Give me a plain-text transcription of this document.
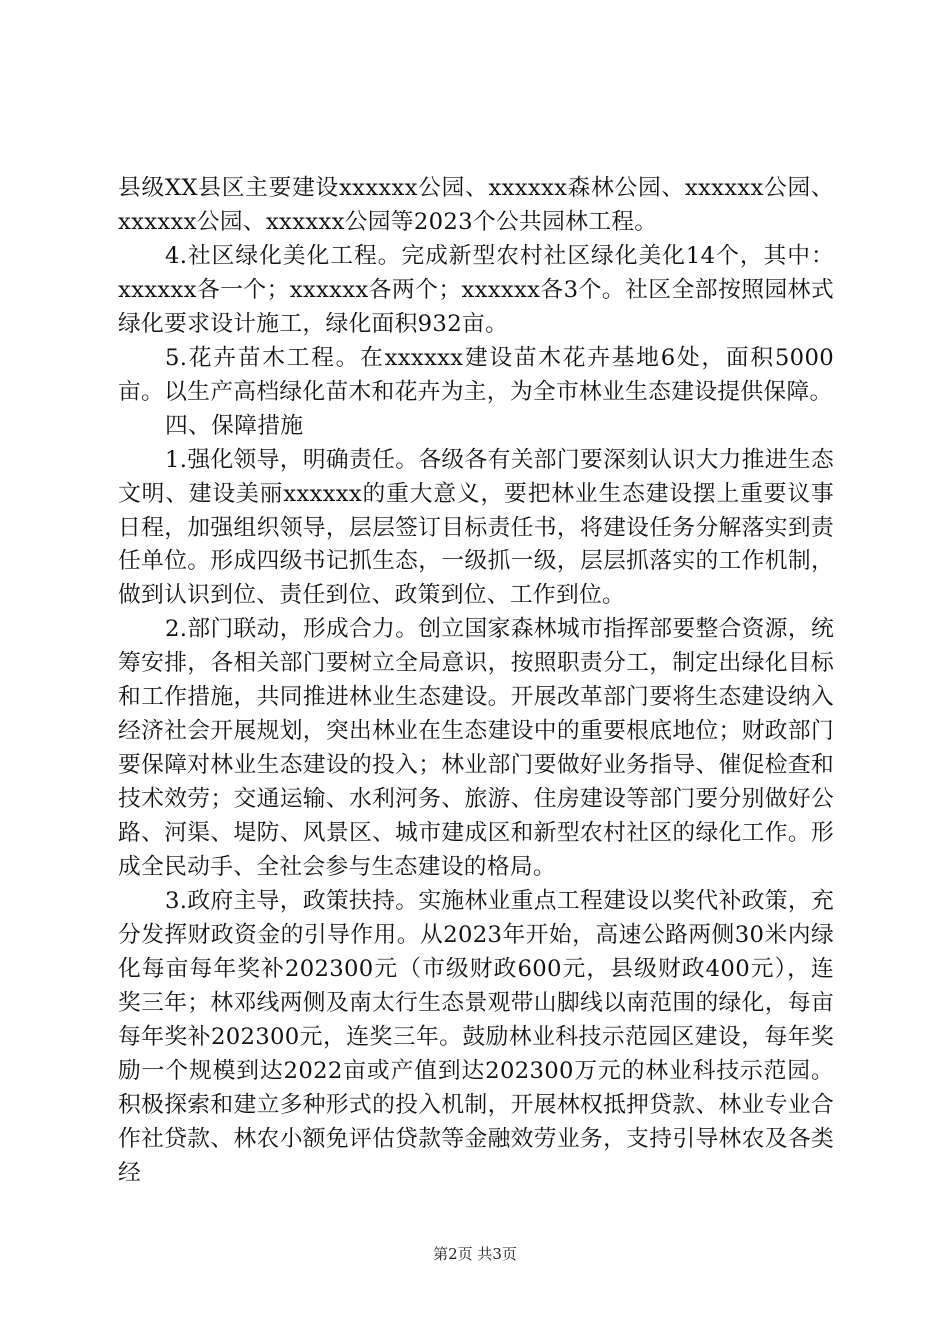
县级XX县区主要建设xxxxxx公园、xxxxxx森林公园、xxxxxx公园、xxxxxx公园、xxxxxx公园等2023个公共园林工程。

4.社区绿化美化工程。完成新型农村社区绿化美化14个，其中：xxxxxx各一个；xxxxxx各两个；xxxxxx各3个。社区全部按照园林式绿化要求设计施工，绿化面积932亩。

5.花卉苗木工程。在xxxxxx建设苗木花卉基地6处，面积5000亩。以生产高档绿化苗木和花卉为主，为全市林业生态建设提供保障。

四、保障措施

1.强化领导，明确责任。各级各有关部门要深刻认识大力推进生态文明、建设美丽xxxxxx的重大意义，要把林业生态建设摆上重要议事日程，加强组织领导，层层签订目标责任书，将建设任务分解落实到责任单位。形成四级书记抓生态，一级抓一级，层层抓落实的工作机制，做到认识到位、责任到位、政策到位、工作到位。

2.部门联动，形成合力。创立国家森林城市指挥部要整合资源，统筹安排，各相关部门要树立全局意识，按照职责分工，制定出绿化目标和工作措施，共同推进林业生态建设。开展改革部门要将生态建设纳入经济社会开展规划，突出林业在生态建设中的重要根底地位；财政部门要保障对林业生态建设的投入；林业部门要做好业务指导、催促检查和技术效劳；交通运输、水利河务、旅游、住房建设等部门要分别做好公路、河渠、堤防、风景区、城市建成区和新型农村社区的绿化工作。形成全民动手、全社会参与生态建设的格局。

3.政府主导，政策扶持。实施林业重点工程建设以奖代补政策，充分发挥财政资金的引导作用。从2023年开始，高速公路两侧30米内绿化每亩每年奖补202300元（市级财政600元，县级财政400元），连奖三年；林邓线两侧及南太行生态景观带山脚线以南范围的绿化，每亩每年奖补202300元，连奖三年。鼓励林业科技示范园区建设，每年奖励一个规模到达2022亩或产值到达202300万元的林业科技示范园。积极探索和建立多种形式的投入机制，开展林权抵押贷款、林业专业合作社贷款、林农小额免评估贷款等金融效劳业务，支持引导林农及各类经

第2页 共3页
